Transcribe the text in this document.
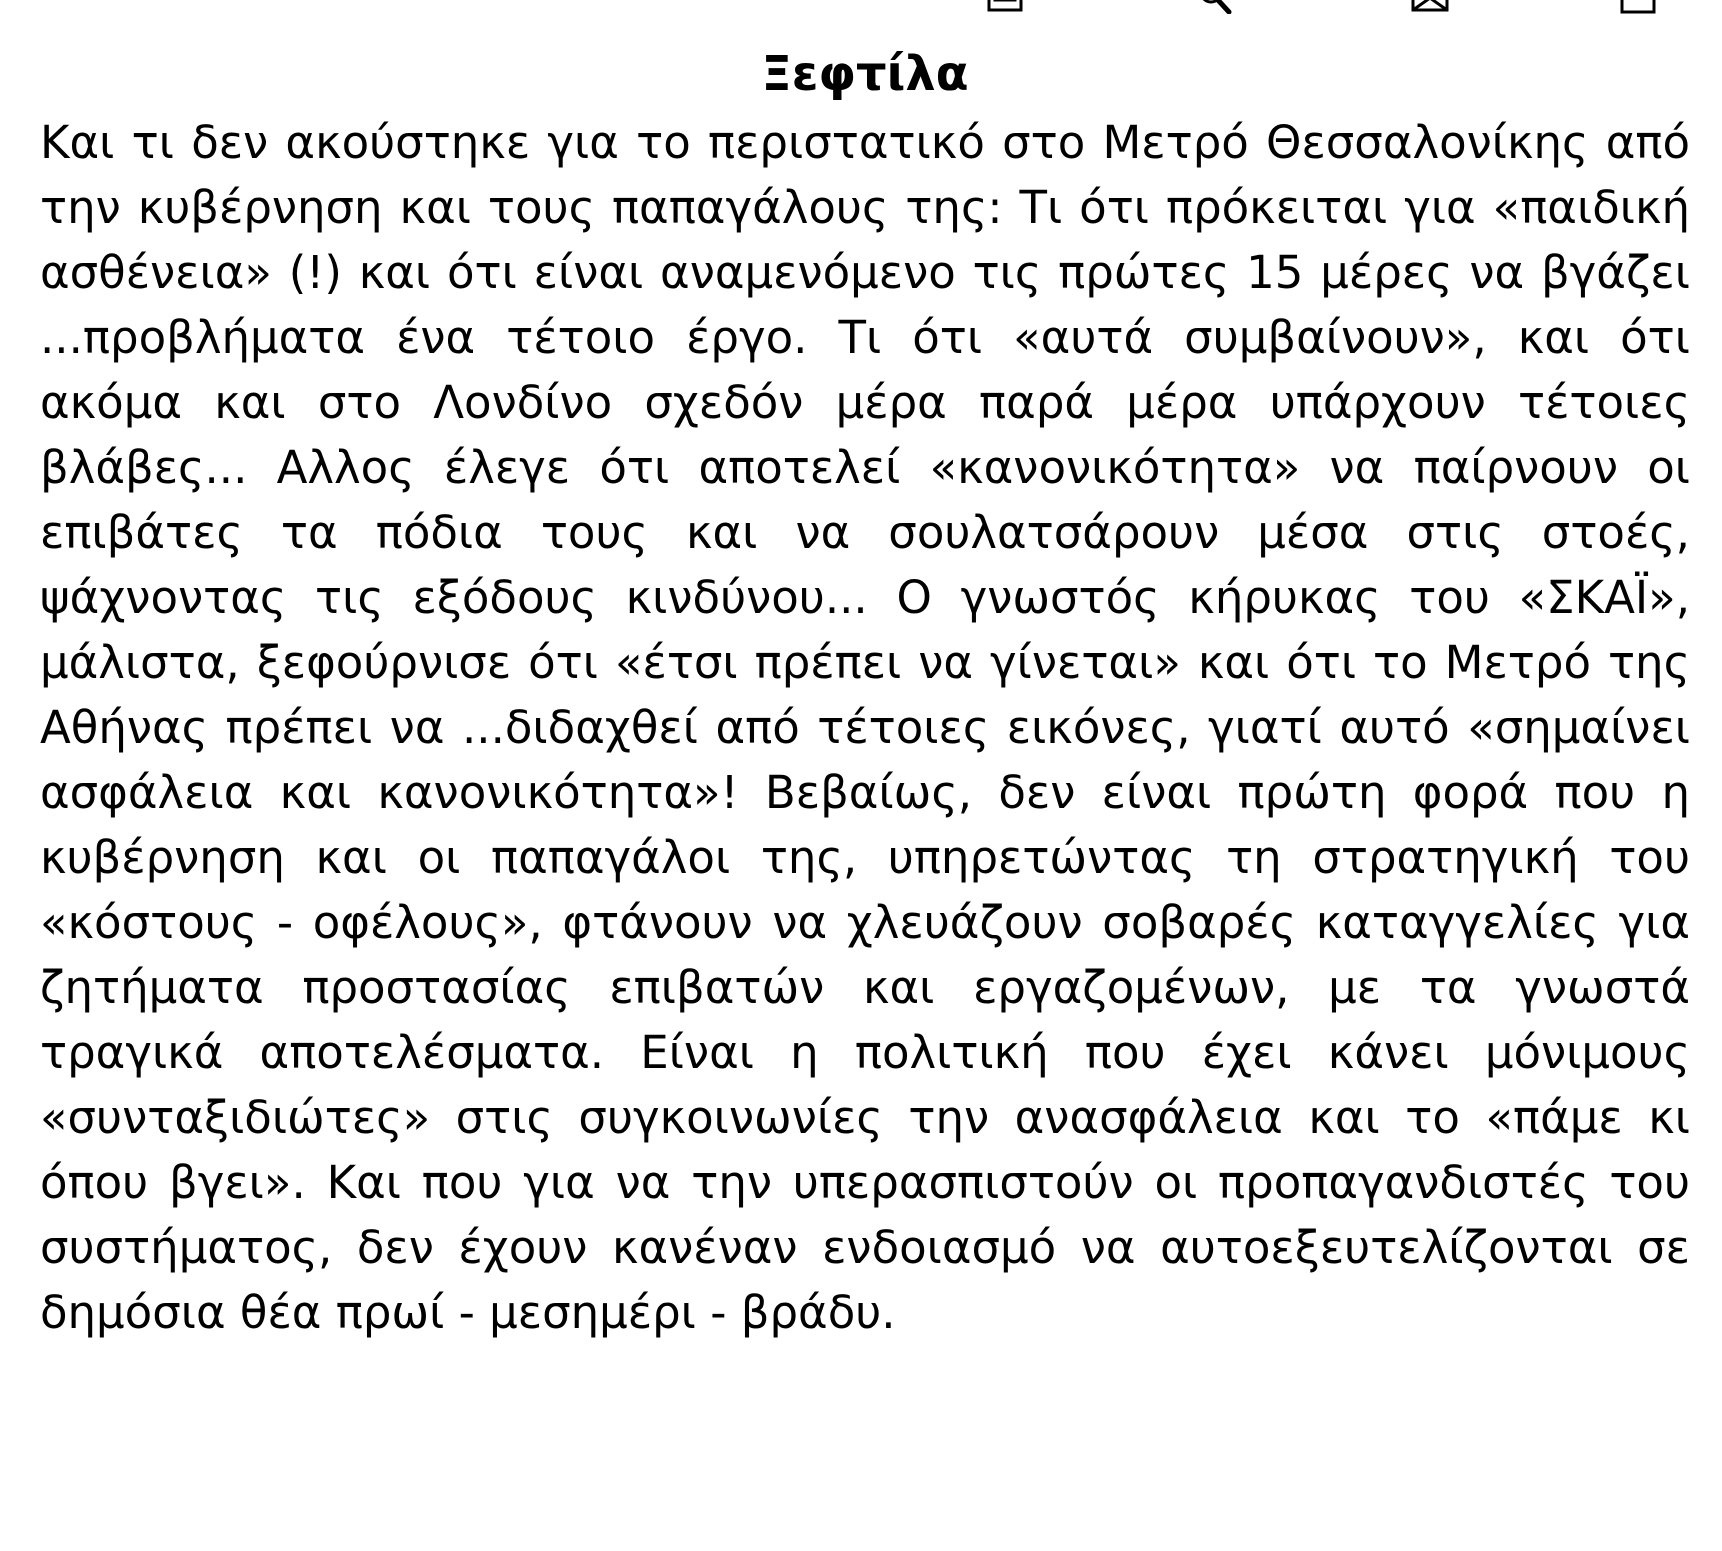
Ξεφτίλα

Και τι δεν ακούστηκε για το περιστατικό στο Μετρό Θεσσαλονίκης από την κυβέρνηση και τους παπαγάλους της: Τι ότι πρόκειται για «παιδική ασθένεια» (!) και ότι είναι αναμενόμενο τις πρώτες 15 μέρες να βγάζει ...προβλήματα ένα τέτοιο έργο. Τι ότι «αυτά συμβαίνουν», και ότι ακόμα και στο Λονδίνο σχεδόν μέρα παρά μέρα υπάρχουν τέτοιες βλάβες... Αλλος έλεγε ότι αποτελεί «κανονικότητα» να παίρνουν οι επιβάτες τα πόδια τους και να σουλατσάρουν μέσα στις στοές, ψάχνοντας τις εξόδους κινδύνου... Ο γνωστός κήρυκας του «ΣΚΑΪ», μάλιστα, ξεφούρνισε ότι «έτσι πρέπει να γίνεται» και ότι το Μετρό της Αθήνας πρέπει να ...διδαχθεί από τέτοιες εικόνες, γιατί αυτό «σημαίνει ασφάλεια και κανονικότητα»! Βεβαίως, δεν είναι πρώτη φορά που η κυβέρνηση και οι παπαγάλοι της, υπηρετώντας τη στρατηγική του «κόστους - οφέλους», φτάνουν να χλευάζουν σοβαρές καταγγελίες για ζητήματα προστασίας επιβατών και εργαζομένων, με τα γνωστά τραγικά αποτελέσματα. Είναι η πολιτική που έχει κάνει μόνιμους «συνταξιδιώτες» στις συγκοινωνίες την ανασφάλεια και το «πάμε κι όπου βγει». Και που για να την υπερασπιστούν οι προπαγανδιστές του συστήματος, δεν έχουν κανέναν ενδοιασμό να αυτοεξευτελίζονται σε δημόσια θέα πρωί - μεσημέρι - βράδυ.
